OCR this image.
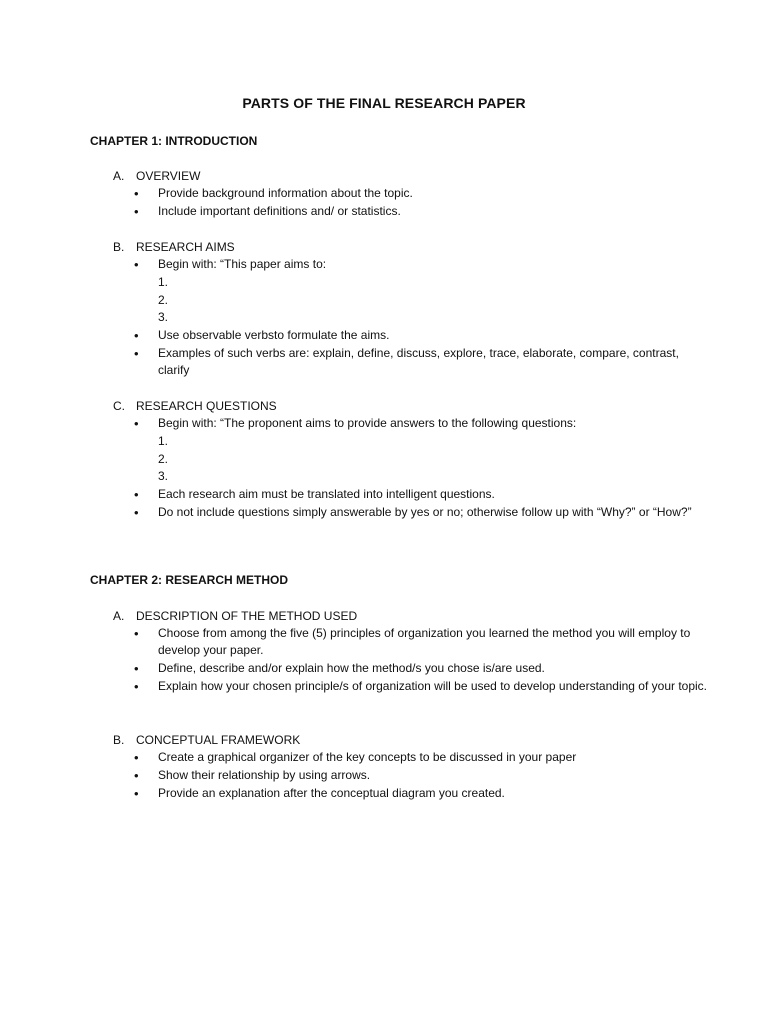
PARTS OF THE FINAL RESEARCH PAPER
CHAPTER 1: INTRODUCTION
A. OVERVIEW
• Provide background information about the topic.
• Include important definitions and/ or statistics.
B. RESEARCH AIMS
• Begin with: “This paper aims to:
1.
2.
3.
• Use observable verbsto formulate the aims.
• Examples of such verbs are: explain, define, discuss, explore, trace, elaborate, compare, contrast, clarify
C. RESEARCH QUESTIONS
• Begin with: “The proponent aims to provide answers to the following questions:
1.
2.
3.
• Each research aim must be translated into intelligent questions.
• Do not include questions simply answerable by yes or no; otherwise follow up with “Why?” or “How?”
CHAPTER 2: RESEARCH METHOD
A. DESCRIPTION OF THE METHOD USED
• Choose from among the five (5) principles of organization you learned the method you will employ to develop your paper.
• Define, describe and/or explain how the method/s you chose is/are used.
• Explain how your chosen principle/s of organization will be used to develop understanding of your topic.
B. CONCEPTUAL FRAMEWORK
• Create a graphical organizer of the key concepts to be discussed in your paper
• Show their relationship by using arrows.
• Provide an explanation after the conceptual diagram you created.
